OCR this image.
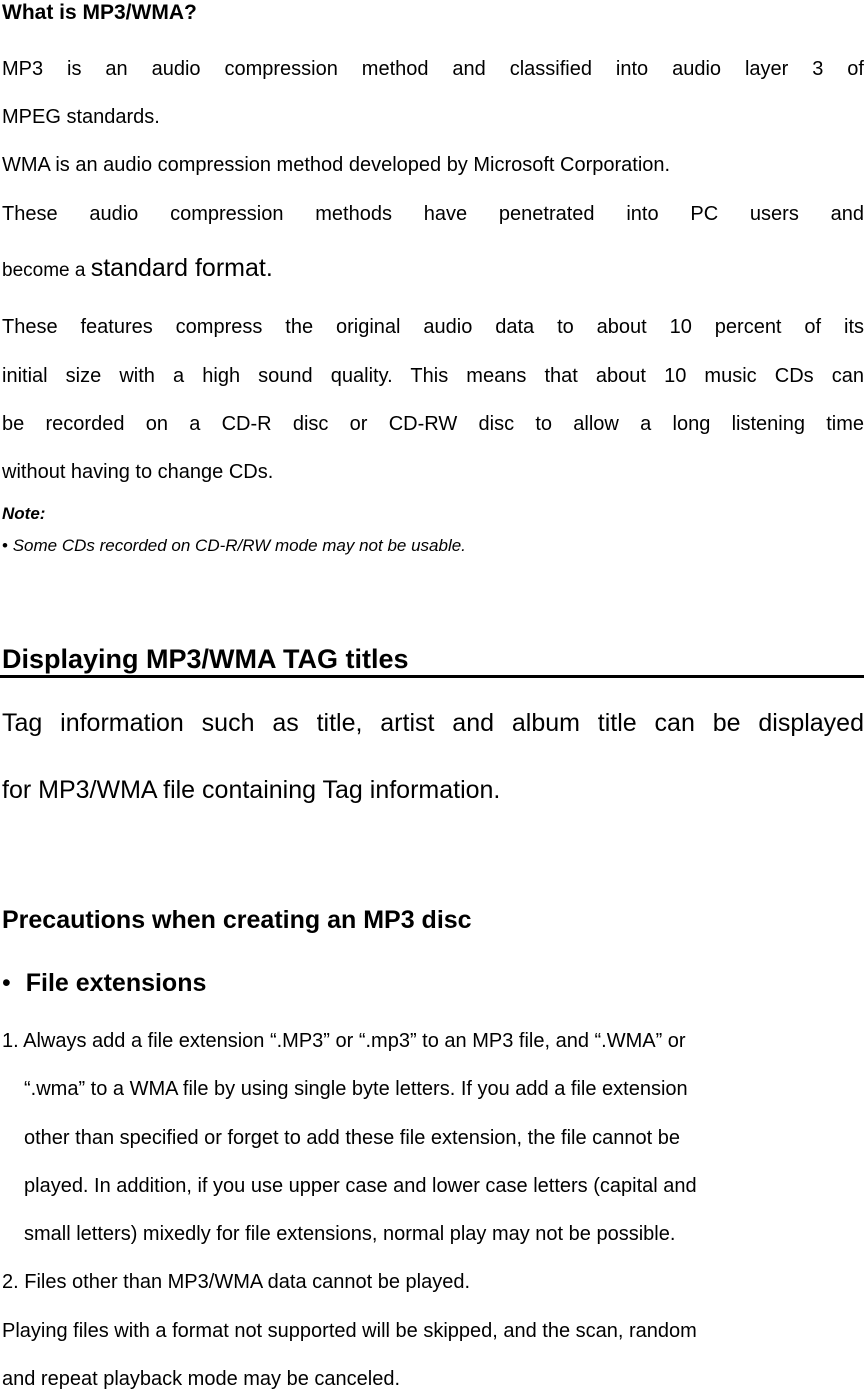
What is MP3/WMA?
MP3 is an audio compression method and classified into audio layer 3 of
MPEG standards.
WMA is an audio compression method developed by Microsoft Corporation.
These audio compression methods have penetrated into PC users and
become a standard format.
These features compress the original audio data to about 10 percent of its
initial size with a high sound quality. This means that about 10 music CDs can
be recorded on a CD-R disc or CD-RW disc to allow a long listening time
without having to change CDs.
Note:
• Some CDs recorded on CD-R/RW mode may not be usable.
Displaying MP3/WMA TAG titles
Tag information such as title, artist and album title can be displayed
for MP3/WMA file containing Tag information.
Precautions when creating an MP3 disc
• File extensions
1. Always add a file extension “.MP3” or “.mp3” to an MP3 file, and “.WMA” or
“.wma” to a WMA file by using single byte letters. If you add a file extension
other than specified or forget to add these file extension, the file cannot be
played. In addition, if you use upper case and lower case letters (capital and
small letters) mixedly for file extensions, normal play may not be possible.
2. Files other than MP3/WMA data cannot be played.
Playing files with a format not supported will be skipped, and the scan, random
and repeat playback mode may be canceled.
